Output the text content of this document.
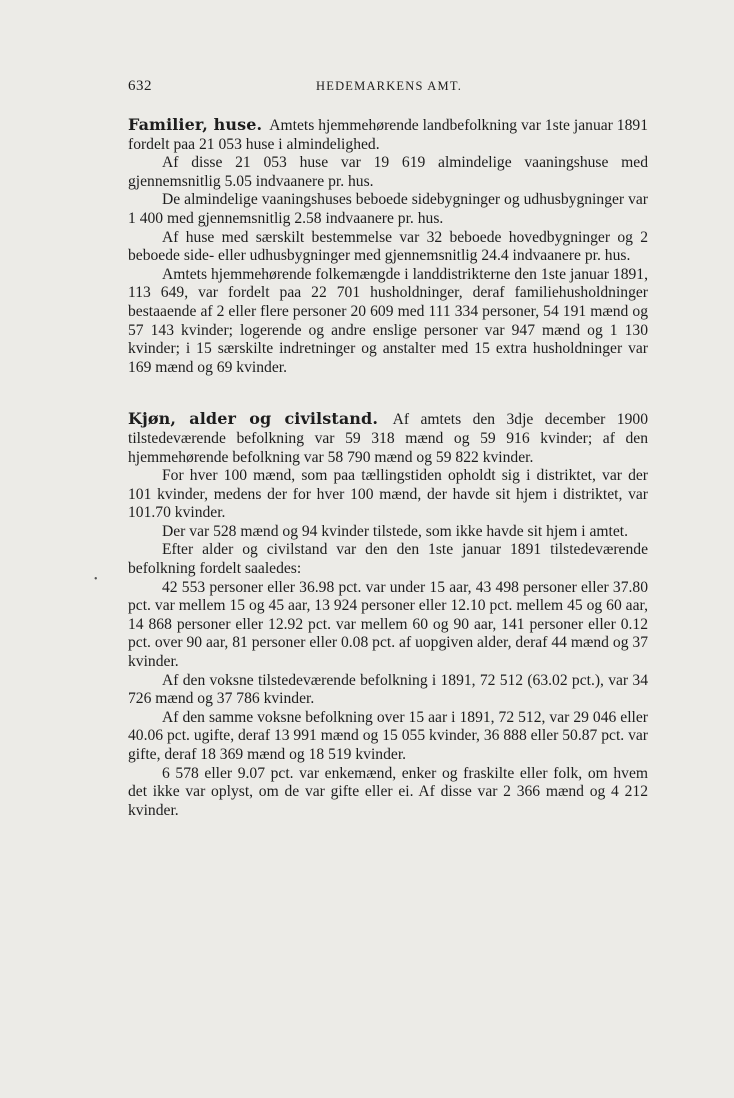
632	HEDEMARKENS AMT.
•

Familier, huse. Amtets hjemmehørende landbefolkning var 1ste januar 1891 fordelt paa 21 053 huse i almindelighed.

Af disse 21 053 huse var 19 619 almindelige vaaningshuse med gjennemsnitlig 5.05 indvaanere pr. hus.

De almindelige vaaningshuses beboede sidebygninger og udhusbygninger var 1 400 med gjennemsnitlig 2.58 indvaanere pr. hus.

Af huse med særskilt bestemmelse var 32 beboede hovedbygninger og 2 beboede side- eller udhusbygninger med gjennemsnitlig 24.4 indvaanere pr. hus.

Amtets hjemmehørende folkemængde i landdistrikterne den 1ste januar 1891, 113 649, var fordelt paa 22 701 husholdninger, deraf familiehusholdninger bestaaende af 2 eller flere personer 20 609 med 111 334 personer, 54 191 mænd og 57 143 kvinder; logerende og andre enslige personer var 947 mænd og 1 130 kvinder; i 15 særskilte indretninger og anstalter med 15 extra husholdninger var 169 mænd og 69 kvinder.

Kjøn, alder og civilstand. Af amtets den 3dje december 1900 tilstedeværende befolkning var 59 318 mænd og 59 916 kvinder; af den hjemmehørende befolkning var 58 790 mænd og 59 822 kvinder.

For hver 100 mænd, som paa tællingstiden opholdt sig i distriktet, var der 101 kvinder, medens der for hver 100 mænd, der havde sit hjem i distriktet, var 101.70 kvinder.

Der var 528 mænd og 94 kvinder tilstede, som ikke havde sit hjem i amtet.

Efter alder og civilstand var den den 1ste januar 1891 tilstedeværende befolkning fordelt saaledes:

42 553 personer eller 36.98 pct. var under 15 aar, 43 498 personer eller 37.80 pct. var mellem 15 og 45 aar, 13 924 personer eller 12.10 pct. mellem 45 og 60 aar, 14 868 personer eller 12.92 pct. var mellem 60 og 90 aar, 141 personer eller 0.12 pct. over 90 aar, 81 personer eller 0.08 pct. af uopgiven alder, deraf 44 mænd og 37 kvinder.

Af den voksne tilstedeværende befolkning i 1891, 72 512 (63.02 pct.), var 34 726 mænd og 37 786 kvinder.

Af den samme voksne befolkning over 15 aar i 1891, 72 512, var 29 046 eller 40.06 pct. ugifte, deraf 13 991 mænd og 15 055 kvinder, 36 888 eller 50.87 pct. var gifte, deraf 18 369 mænd og 18 519 kvinder.

6 578 eller 9.07 pct. var enkemænd, enker og fraskilte eller folk, om hvem det ikke var oplyst, om de var gifte eller ei. Af disse var 2 366 mænd og 4 212 kvinder.
